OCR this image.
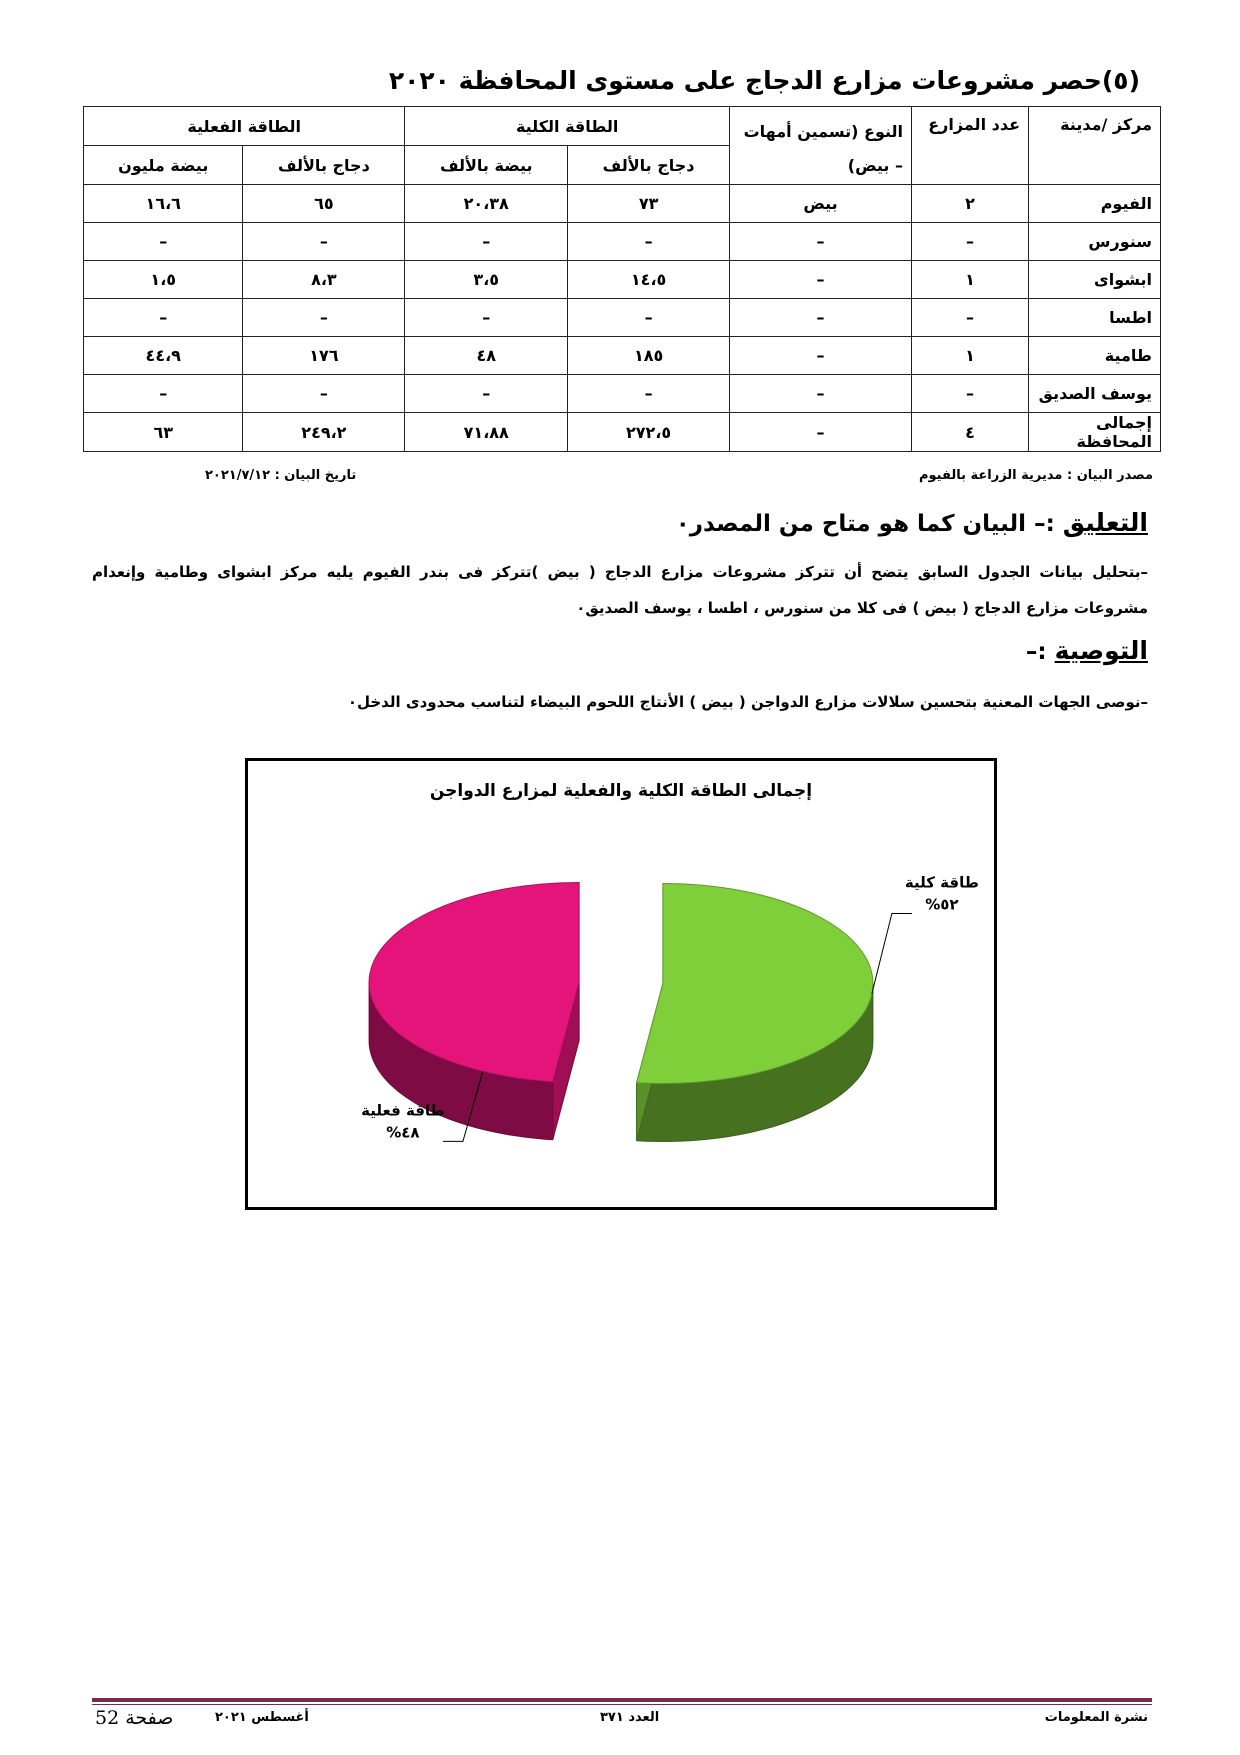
(٥)حصر مشروعات مزارع الدجاج على مستوى المحافظة ٢٠٢٠
مركز /مدينة	عدد المزارع	النوع (تسمين أمهات – بيض)	الطاقة الكلية		الطاقة الفعلية	
			دجاج بالألف	بيضة بالألف	دجاج بالألف	بيضة مليون
الفيوم	٢	بيض	٧٣	٢٠،٣٨	٦٥	١٦،٦
سنورس	–	–	–	–	–	–
ابشواى	١	–	١٤،٥	٣،٥	٨،٣	١،٥
اطسا	–	–	–	–	–	–
طامية	١	–	١٨٥	٤٨	١٧٦	٤٤،٩
يوسف الصديق	–	–	–	–	–	–
إجمالى المحافظة	٤	–	٢٧٢،٥	٧١،٨٨	٢٤٩،٢	٦٣
مصدر البيان : مديرية الزراعة بالفيوم
تاريخ البيان : ٢٠٢١/٧/١٢
التعليق :– البيان كما هو متاح من المصدر٠
–بتحليل بيانات الجدول السابق يتضح أن تتركز مشروعات مزارع الدجاج ( بيض )تتركز فى بندر الفيوم يليه مركز ابشواى وطامية وإنعدام مشروعات مزارع الدجاج ( بيض ) فى كلا من سنورس ، اطسا ، يوسف الصديق٠
التوصية :–
–نوصى الجهات المعنية بتحسين سلالات مزارع الدواجن ( بيض ) الأنتاج اللحوم البيضاء لتناسب محدودى الدخل٠
إجمالى الطاقة الكلية والفعلية لمزارع الدواجن
طاقة كلية
٥٢%
طاقة فعلية
٤٨%
نشرة المعلومات
العدد ٣٧١
أغسطس ٢٠٢١
صفحة 52
